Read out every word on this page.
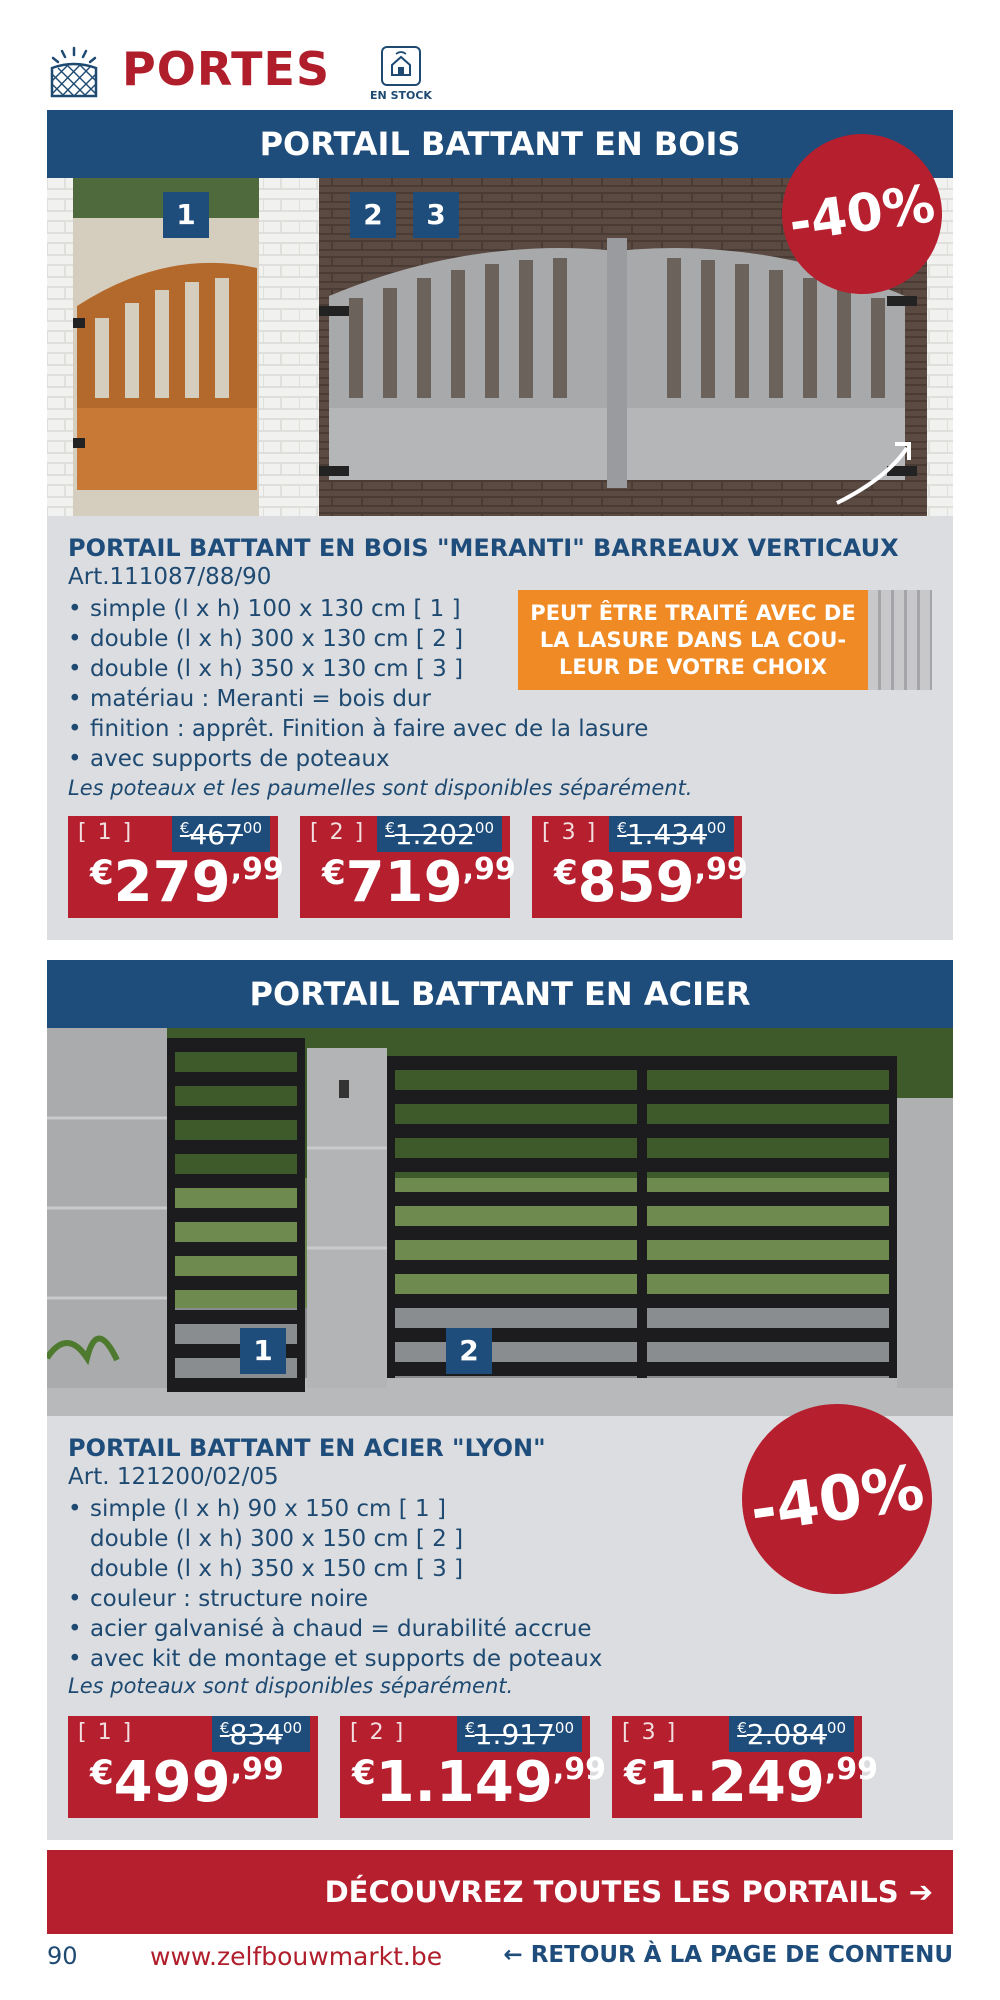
PORTES	EN STOCK
PORTAIL BATTANT EN BOIS
1	2	3	-40%
PORTAIL BATTANT EN BOIS "MERANTI" BARREAUX VERTICAUX
Art.111087/88/90
• simple (l x h) 100 x 130 cm [ 1 ]
• double (l x h) 300 x 130 cm [ 2 ]
• double (l x h) 350 x 130 cm [ 3 ]
• matériau : Meranti = bois dur
• finition : apprêt. Finition à faire avec de la lasure
• avec supports de poteaux
Les poteaux et les paumelles sont disponibles séparément.
PEUT ÊTRE TRAITÉ AVEC DE
LA LASURE DANS LA COU-
LEUR DE VOTRE CHOIX
[ 1 ]	$^€467^{00}$
$^€279^{,99}$
[ 2 ]	€1.202$^{00}$
$^€719^{,99}$
[ 3 ]	€1.434$^{00}$
$^€859^{,99}$
PORTAIL BATTANT EN ACIER
1	2
-40%
PORTAIL BATTANT EN ACIER "LYON"
Art. 121200/02/05
• simple (l x h) 90 x 150 cm [ 1 ]
double (l x h) 300 x 150 cm [ 2 ]
double (l x h) 350 x 150 cm [ 3 ]
• couleur : structure noire
• acier galvanisé à chaud = durabilité accrue
• avec kit de montage et supports de poteaux
Les poteaux sont disponibles séparément.
[ 1 ]	$^€834^{00}$
$^€499^{,99}$
[ 2 ]	€1.917$^{00}$
$^€1.149^{,99}$
[ 3 ]	€2.084$^{00}$
$^€1.249^{,99}$
DÉCOUVREZ TOUTES LES PORTAILS ➔
90	www.zelfbouwmarkt.be	← RETOUR À LA PAGE DE CONTENU
